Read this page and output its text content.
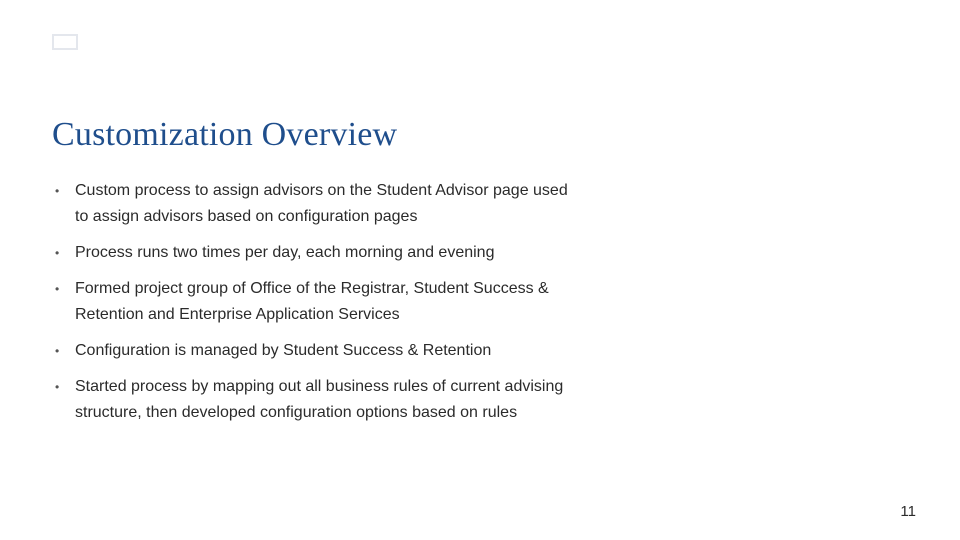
Customization Overview
• Custom process to assign advisors on the Student Advisor page used to assign advisors based on configuration pages
• Process runs two times per day, each morning and evening
• Formed project group of Office of the Registrar, Student Success & Retention and Enterprise Application Services
• Configuration is managed by Student Success & Retention
• Started process by mapping out all business rules of current advising structure, then developed configuration options based on rules
11
